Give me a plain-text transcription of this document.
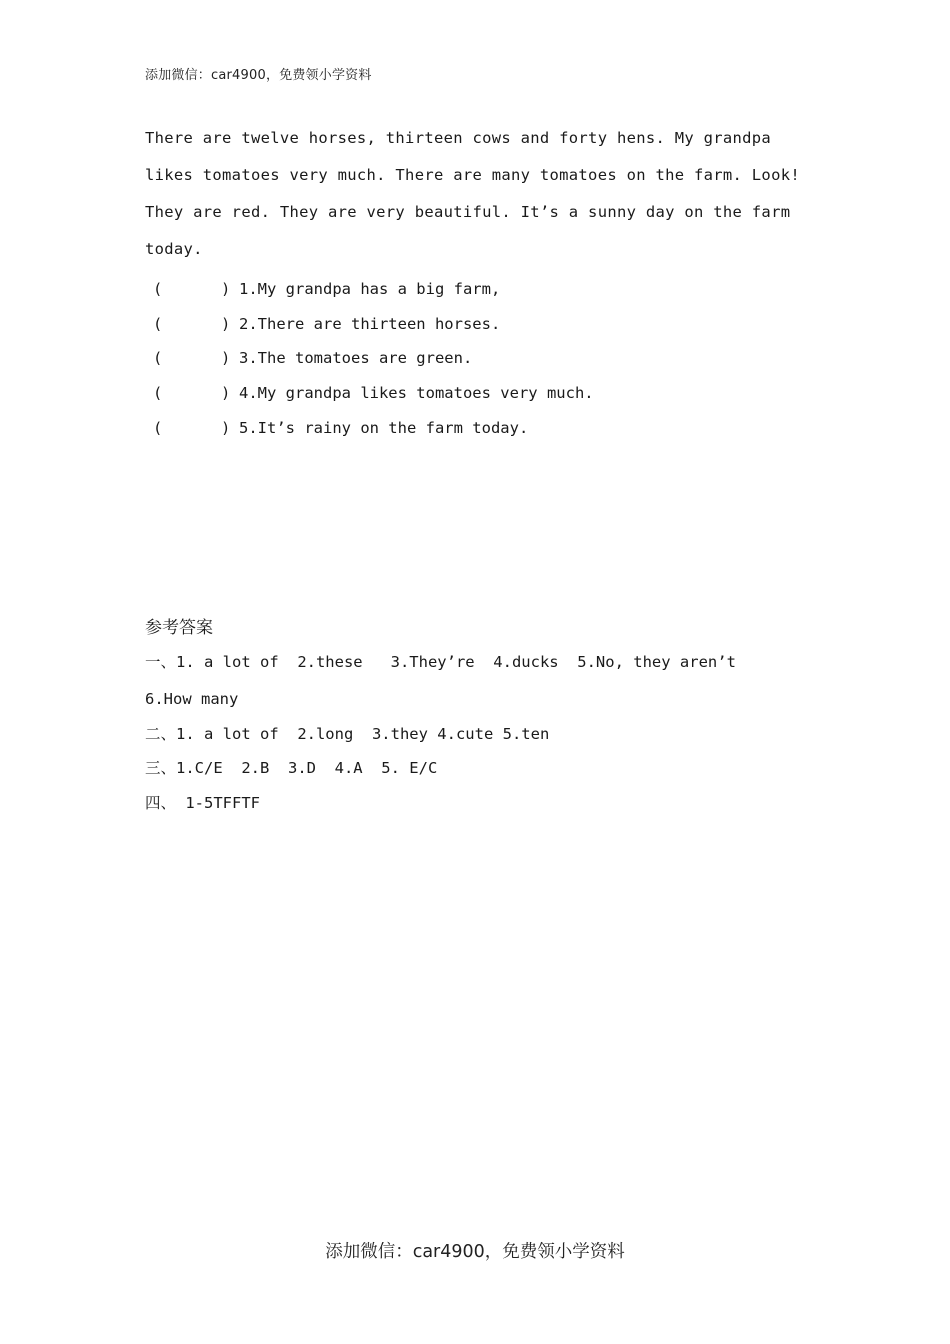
添加微信：car4900，免费领小学资料
There are twelve horses, thirteen cows and forty hens. My grandpa
likes tomatoes very much. There are many tomatoes on the farm. Look!
They are red. They are very beautiful. It’s a sunny day on the farm
today.
(	) 1.My grandpa has a big farm,
(	) 2.There are thirteen horses.
(	) 3.The tomatoes are green.
(	) 4.My grandpa likes tomatoes very much.
(	) 5.It’s rainy on the farm today.
参考答案
一、1. a lot of  2.these   3.They’re  4.ducks  5.No, they aren’t
6.How many
二、1. a lot of  2.long  3.they 4.cute 5.ten
三、1.C/E  2.B  3.D  4.A  5. E/C
四、 1-5TFFTF
添加微信：car4900，免费领小学资料
